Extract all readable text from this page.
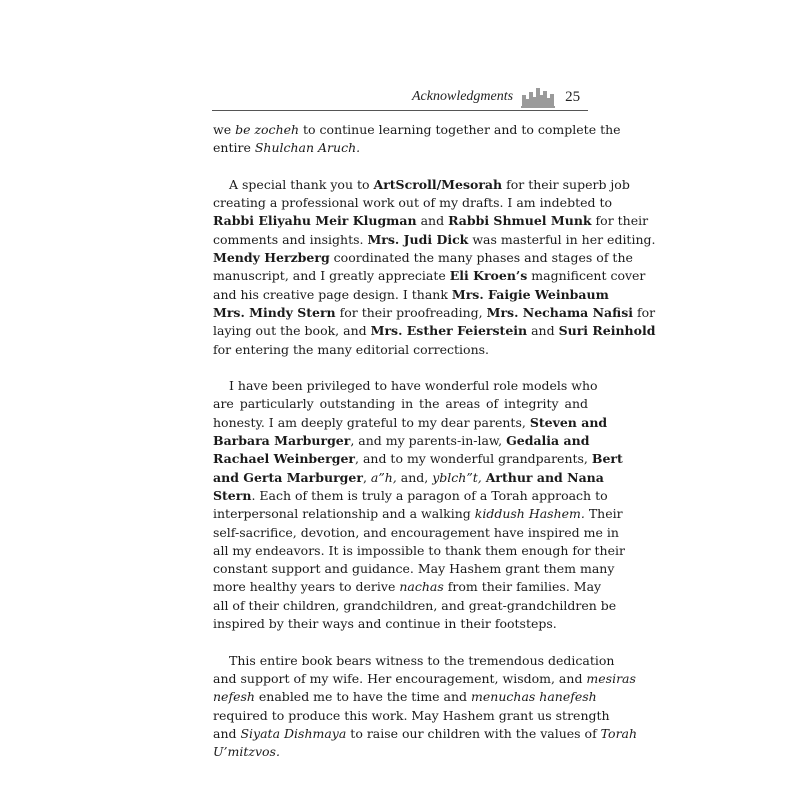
Acknowledgments	25
we be zocheh to continue learning together and to complete the
entire Shulchan Aruch.
A special thank you to ArtScroll/Mesorah for their superb job
creating a professional work out of my drafts. I am indebted to
Rabbi Eliyahu Meir Klugman and Rabbi Shmuel Munk for their
comments and insights. Mrs. Judi Dick was masterful in her editing.
Mendy Herzberg coordinated the many phases and stages of the
manuscript, and I greatly appreciate Eli Kroen’s magnificent cover
and his creative page design. I thank Mrs. Faigie Weinbaum
Mrs. Mindy Stern for their proofreading, Mrs. Nechama Nafisi for
laying out the book, and Mrs. Esther Feierstein and Suri Reinhold
for entering the many editorial corrections.
I have been privileged to have wonderful role models who
are particularly outstanding in the areas of integrity and
honesty. I am deeply grateful to my dear parents, Steven and
Barbara Marburger, and my parents-in-law, Gedalia and
Rachael Weinberger, and to my wonderful grandparents, Bert
and Gerta Marburger, a”h, and, yblch”t, Arthur and Nana
Stern. Each of them is truly a paragon of a Torah approach to
interpersonal relationship and a walking kiddush Hashem. Their
self-sacrifice, devotion, and encouragement have inspired me in
all my endeavors. It is impossible to thank them enough for their
constant support and guidance. May Hashem grant them many
more healthy years to derive nachas from their families. May
all of their children, grandchildren, and great-grandchildren be
inspired by their ways and continue in their footsteps.
This entire book bears witness to the tremendous dedication
and support of my wife. Her encouragement, wisdom, and mesiras
nefesh enabled me to have the time and menuchas hanefesh
required to produce this work. May Hashem grant us strength
and Siyata Dishmaya to raise our children with the values of Torah
U’mitzvos.
